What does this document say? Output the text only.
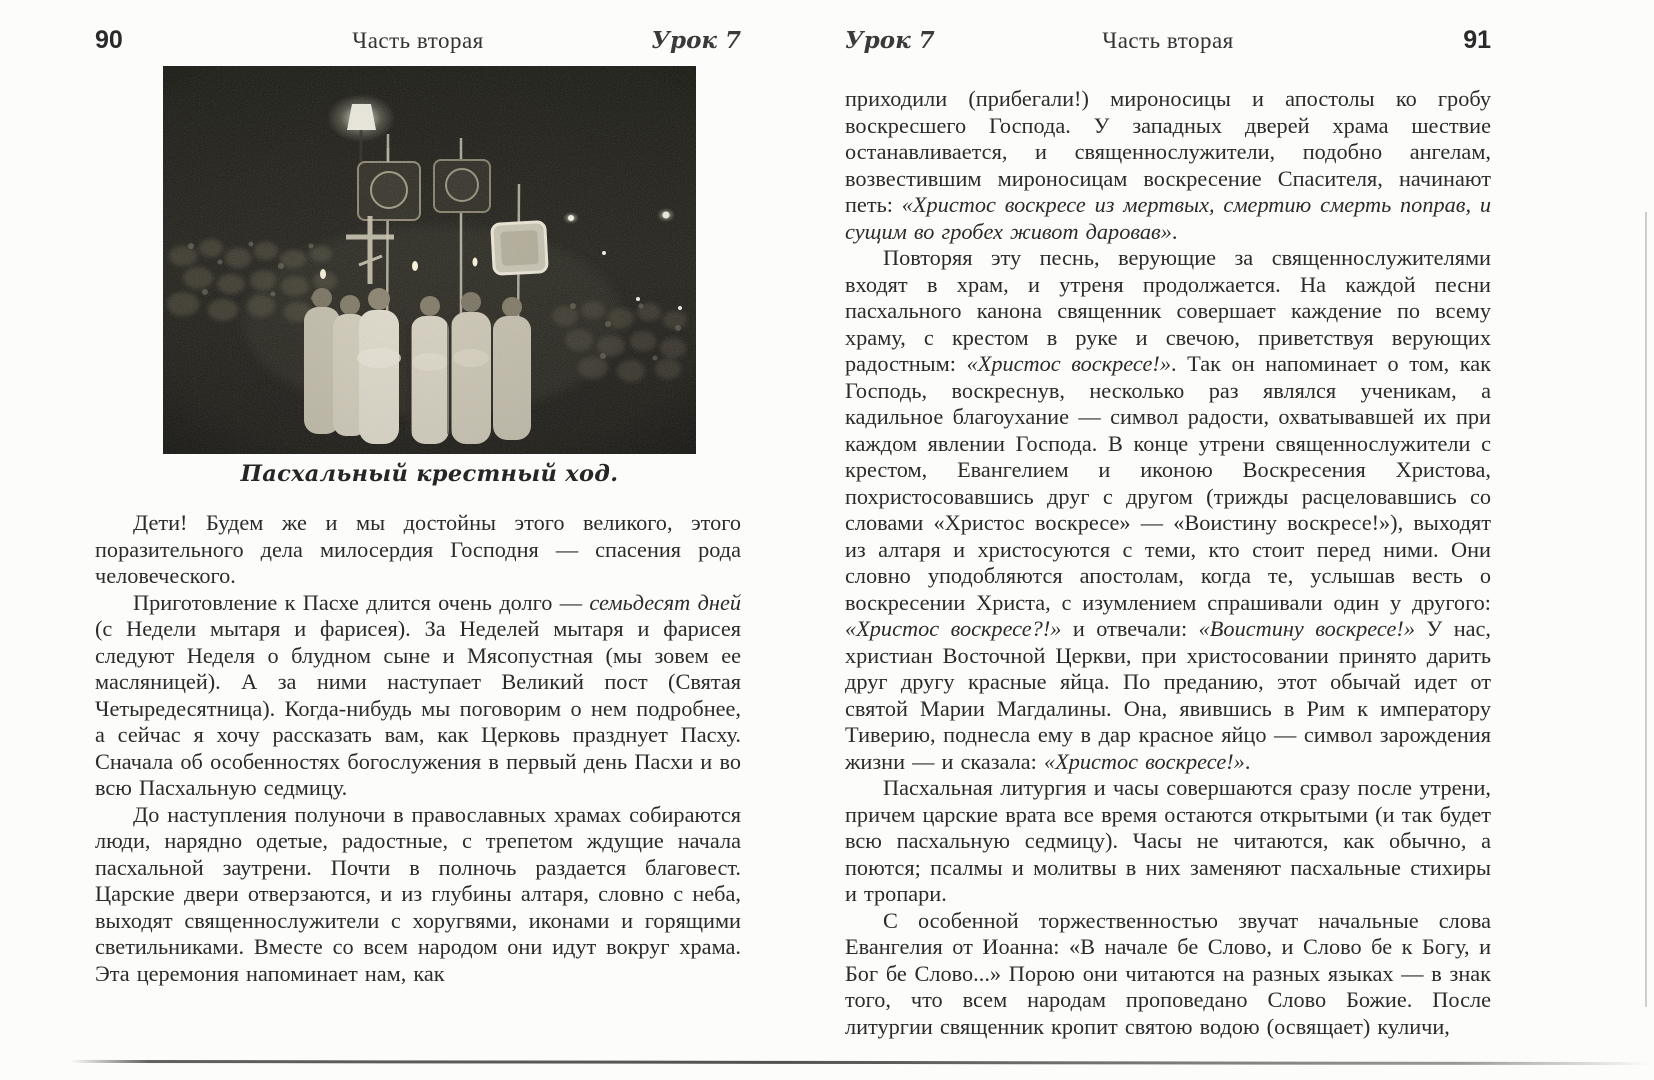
90	Часть вторая	Урок 7
Пасхальный крестный ход.

Дети! Будем же и мы достойны этого великого, этого поразительного дела милосердия Господня — спасения рода человеческого.

Приготовление к Пасхе длится очень долго — семьдесят дней (с Недели мытаря и фарисея). За Неделей мытаря и фарисея следуют Неделя о блудном сыне и Мясопустная (мы зовем ее масляницей). А за ними наступает Великий пост (Святая Четыредесятница). Когда-нибудь мы поговорим о нем подробнее, а сейчас я хочу рассказать вам, как Церковь празднует Пасху. Сначала об особенностях богослужения в первый день Пасхи и во всю Пасхальную седмицу.

До наступления полуночи в православных храмах собираются люди, нарядно одетые, радостные, с трепетом ждущие начала пасхальной заутрени. Почти в полночь раздается благовест. Царские двери отверзаются, и из глубины алтаря, словно с неба, выходят священнослужители с хоругвями, иконами и горящими светильниками. Вместе со всем народом они идут вокруг храма. Эта церемония напоминает нам, как

Урок 7	Часть вторая	91

приходили (прибегали!) мироносицы и апостолы ко гробу воскресшего Господа. У западных дверей храма шествие останавливается, и священнослужители, подобно ангелам, возвестившим мироносицам воскресение Спасителя, начинают петь: «Христос воскресе из мертвых, смертию смерть поправ, и сущим во гробех живот даровав».

Повторяя эту песнь, верующие за священнослужителями входят в храм, и утреня продолжается. На каждой песни пасхального канона священник совершает каждение по всему храму, с крестом в руке и свечою, приветствуя верующих радостным: «Христос воскресе!». Так он напоминает о том, как Господь, воскреснув, несколько раз являлся ученикам, а кадильное благоухание — символ радости, охватывавшей их при каждом явлении Господа. В конце утрени священнослужители с крестом, Евангелием и иконою Воскресения Христова, похристосовавшись друг с другом (трижды расцеловавшись со словами «Христос воскресе» — «Воистину воскресе!»), выходят из алтаря и христосуются с теми, кто стоит перед ними. Они словно уподобляются апостолам, когда те, услышав весть о воскресении Христа, с изумлением спрашивали один у другого: «Христос воскресе?!» и отвечали: «Воистину воскресе!» У нас, христиан Восточной Церкви, при христосовании принято дарить друг другу красные яйца. По преданию, этот обычай идет от святой Марии Магдалины. Она, явившись в Рим к императору Тиверию, поднесла ему в дар красное яйцо — символ зарождения жизни — и сказала: «Христос воскресе!».

Пасхальная литургия и часы совершаются сразу после утрени, причем царские врата все время остаются открытыми (и так будет всю пасхальную седмицу). Часы не читаются, как обычно, а поются; псалмы и молитвы в них заменяют пасхальные стихиры и тропари.

С особенной торжественностью звучат начальные слова Евангелия от Иоанна: «В начале бе Слово, и Слово бе к Богу, и Бог бе Слово...» Порою они читаются на разных языках — в знак того, что всем народам проповедано Слово Божие. После литургии священник кропит святою водою (освящает) куличи,
